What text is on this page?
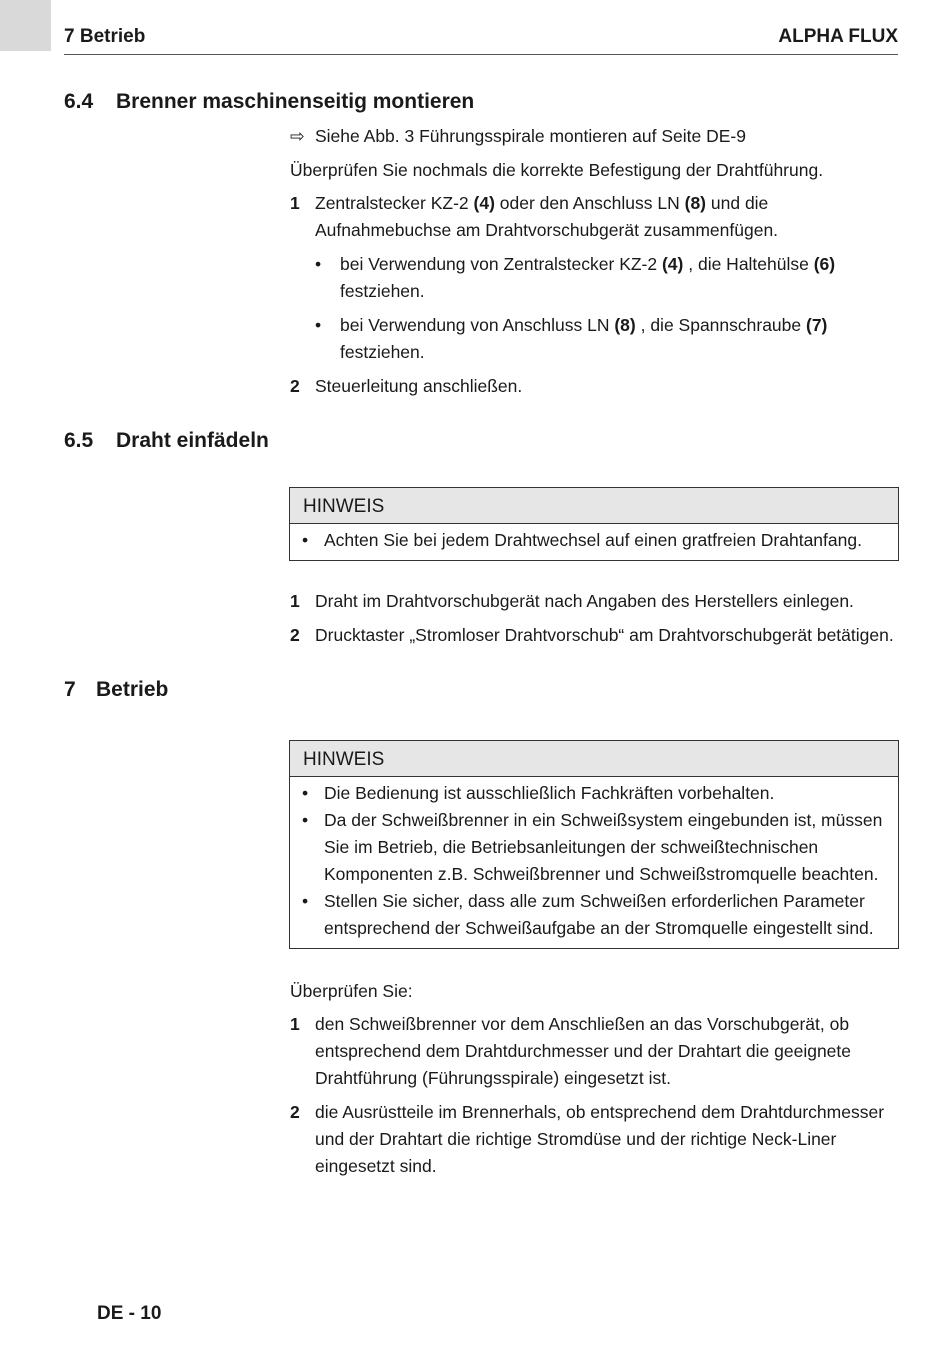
7 Betrieb	ALPHA FLUX
6.4 Brenner maschinenseitig montieren
⇨ Siehe Abb. 3 Führungsspirale montieren auf Seite DE-9
Überprüfen Sie nochmals die korrekte Befestigung der Drahtführung.
1 Zentralstecker KZ-2 (4) oder den Anschluss LN (8) und die Aufnahmebuchse am Drahtvorschubgerät zusammenfügen.
• bei Verwendung von Zentralstecker KZ-2 (4) , die Haltehülse (6) festziehen.
• bei Verwendung von Anschluss LN (8) , die Spannschraube (7) festziehen.
2 Steuerleitung anschließen.
6.5 Draht einfädeln
HINWEIS
• Achten Sie bei jedem Drahtwechsel auf einen gratfreien Drahtanfang.
1 Draht im Drahtvorschubgerät nach Angaben des Herstellers einlegen.
2 Drucktaster „Stromloser Drahtvorschub“ am Drahtvorschubgerät betätigen.
7 Betrieb
HINWEIS
• Die Bedienung ist ausschließlich Fachkräften vorbehalten.
• Da der Schweißbrenner in ein Schweißsystem eingebunden ist, müssen Sie im Betrieb, die Betriebsanleitungen der schweißtechnischen Komponenten z.B. Schweißbrenner und Schweißstromquelle beachten.
• Stellen Sie sicher, dass alle zum Schweißen erforderlichen Parameter entsprechend der Schweißaufgabe an der Stromquelle eingestellt sind.
Überprüfen Sie:
1 den Schweißbrenner vor dem Anschließen an das Vorschubgerät, ob entsprechend dem Drahtdurchmesser und der Drahtart die geeignete Drahtführung (Führungsspirale) eingesetzt ist.
2 die Ausrüstteile im Brennerhals, ob entsprechend dem Drahtdurchmesser und der Drahtart die richtige Stromdüse und der richtige Neck-Liner eingesetzt sind.
DE - 10
